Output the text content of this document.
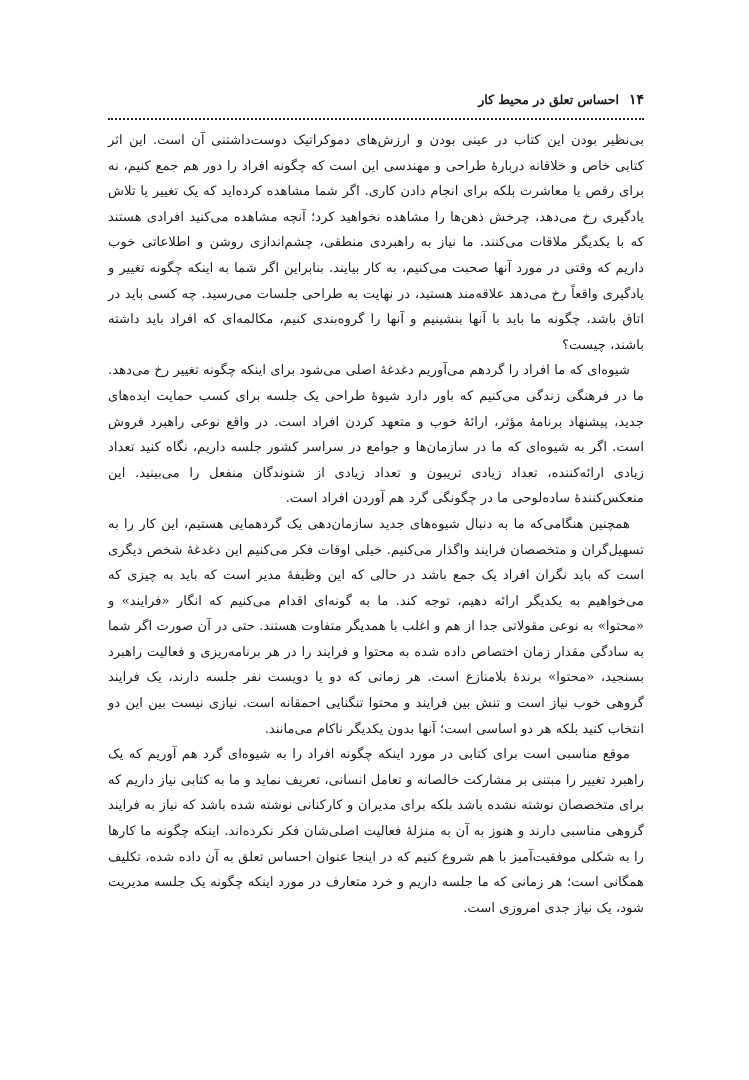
۱۴
احساس تعلق در محیط کار

بی‌نظیر بودن این کتاب در عینی بودن و ارزش‌های دموکراتیک دوست‌داشتنی آن است. این اثر کتابی خاص و خلاقانه دربارهٔ طراحی و مهندسی این است که چگونه افراد را دور هم جمع کنیم، نه برای رقص یا معاشرت بلکه برای انجام دادن کاری. اگر شما مشاهده کرده‌اید که یک تغییر یا تلاش یادگیری رخ می‌دهد، چرخش ذهن‌ها را مشاهده نخواهید کرد؛ آنچه مشاهده می‌کنید افرادی هستند که با یکدیگر ملاقات می‌کنند. ما نیاز به راهبردی منطقی، چشم‌اندازی روشن و اطلاعاتی خوب داریم که وقتی در مورد آنها صحبت می‌کنیم، به کار بیایند. بنابراین اگر شما به اینکه چگونه تغییر و یادگیری واقعاً رخ می‌دهد علاقه‌مند هستید، در نهایت به طراحی جلسات می‌رسید. چه کسی باید در اتاق باشد، چگونه ما باید با آنها بنشینیم و آنها را گروه‌بندی کنیم، مکالمه‌ای که افراد باید داشته باشند، چیست؟

شیوه‌ای که ما افراد را گردهم می‌آوریم دغدغهٔ اصلی می‌شود برای اینکه چگونه تغییر رخ می‌دهد. ما در فرهنگی زندگی می‌کنیم که باور دارد شیوهٔ طراحی یک جلسه برای کسب حمایت ایده‌های جدید، پیشنهاد برنامهٔ مؤثر، ارائهٔ خوب و متعهد کردن افراد است. در واقع نوعی راهبرد فروش است. اگر به شیوه‌ای که ما در سازمان‌ها و جوامع در سراسر کشور جلسه داریم، نگاه کنید تعداد زیادی ارائه‌کننده، تعداد زیادی تریبون و تعداد زیادی از شنوندگان منفعل را می‌بینید. این منعکس‌کنندهٔ ساده‌لوحی ما در چگونگی گرد هم آوردن افراد است.

همچنین هنگامی‌که ما به دنبال شیوه‌های جدید سازمان‌دهی یک گردهمایی هستیم، این کار را به تسهیل‌گران و متخصصان فرایند واگذار می‌کنیم. خیلی اوقات فکر می‌کنیم این دغدغهٔ شخص دیگری است که باید نگران افراد یک جمع باشد در حالی که این وظیفهٔ مدیر است که باید به چیزی که می‌خواهیم به یکدیگر ارائه دهیم، توجه کند. ما به گونه‌ای اقدام می‌کنیم که انگار «فرایند» و «محتوا» به نوعی مقولاتی جدا از هم و اغلب با همدیگر متفاوت هستند. حتی در آن صورت اگر شما به سادگی مقدار زمان اختصاص داده شده به محتوا و فرایند را در هر برنامه‌ریزی و فعالیت راهبرد بسنجید، «محتوا» برندهٔ بلامنازع است. هر زمانی که دو یا دویست نفر جلسه دارند، یک فرایند گروهی خوب نیاز است و تنش بین فرایند و محتوا تنگنایی احمقانه است. نیازی نیست بین این دو انتخاب کنید بلکه هر دو اساسی است؛ آنها بدون یکدیگر ناکام می‌مانند.

موقع مناسبی است برای کتابی در مورد اینکه چگونه افراد را به شیوه‌ای گرد هم آوریم که یک راهبرد تغییر را مبتنی بر مشارکت خالصانه و تعامل انسانی، تعریف نماید و ما به کتابی نیاز داریم که برای متخصصان نوشته نشده باشد بلکه برای مدیران و کارکنانی نوشته شده باشد که نیاز به فرایند گروهی مناسبی دارند و هنوز به آن به منزلهٔ فعالیت اصلی‌شان فکر نکرده‌اند. اینکه چگونه ما کارها را به شکلی موفقیت‌آمیز با هم شروع کنیم که در اینجا عنوان احساس تعلق به آن داده شده، تکلیف همگانی است؛ هر زمانی که ما جلسه داریم و خرد متعارف در مورد اینکه چگونه یک جلسه مدیریت شود، یک نیاز جدی امروزی است.
